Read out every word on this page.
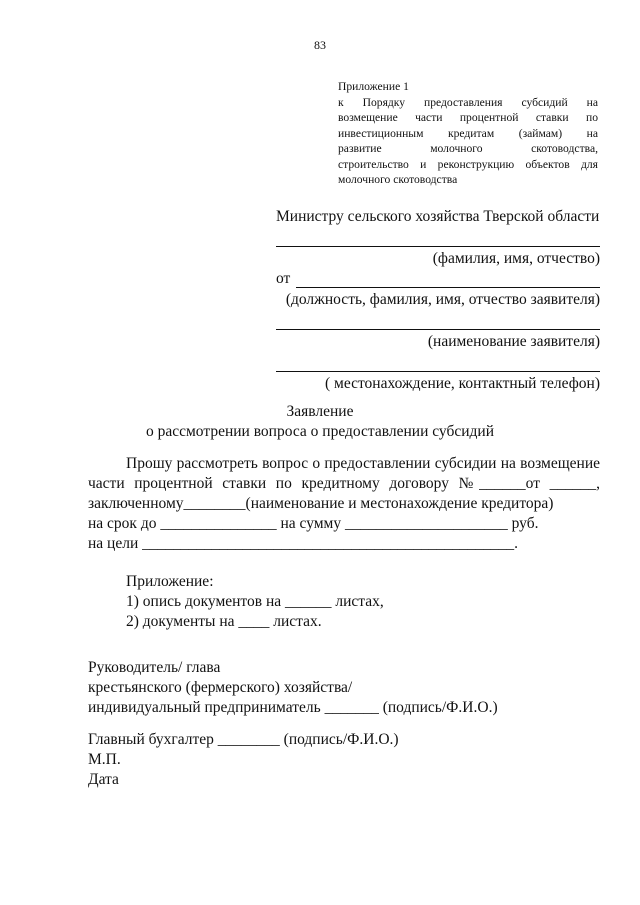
83
Приложение 1
к Порядку предоставления субсидий на
возмещение части процентной ставки по
инвестиционным кредитам (займам) на
развитие молочного скотоводства,
строительство и реконструкцию объектов для
молочного скотоводства
Министру сельского хозяйства Тверской области
(фамилия, имя, отчество)
от
(должность, фамилия, имя, отчество заявителя)
(наименование заявителя)
( местонахождение, контактный телефон)
Заявление
о рассмотрении вопроса о предоставлении субсидий
Прошу рассмотреть вопрос о предоставлении субсидии на возмещение
части процентной ставки по кредитному договору №______от ______,
заключенному________(наименование и местонахождение кредитора)
на срок до _______________ на сумму _____________________ руб.
на цели ________________________________________________.
Приложение:
1) опись документов на ______ листах,
2) документы на ____ листах.
Руководитель/ глава
крестьянского (фермерского) хозяйства/
индивидуальный предприниматель _______ (подпись/Ф.И.О.)
Главный бухгалтер ________ (подпись/Ф.И.О.)
М.П.
Дата
